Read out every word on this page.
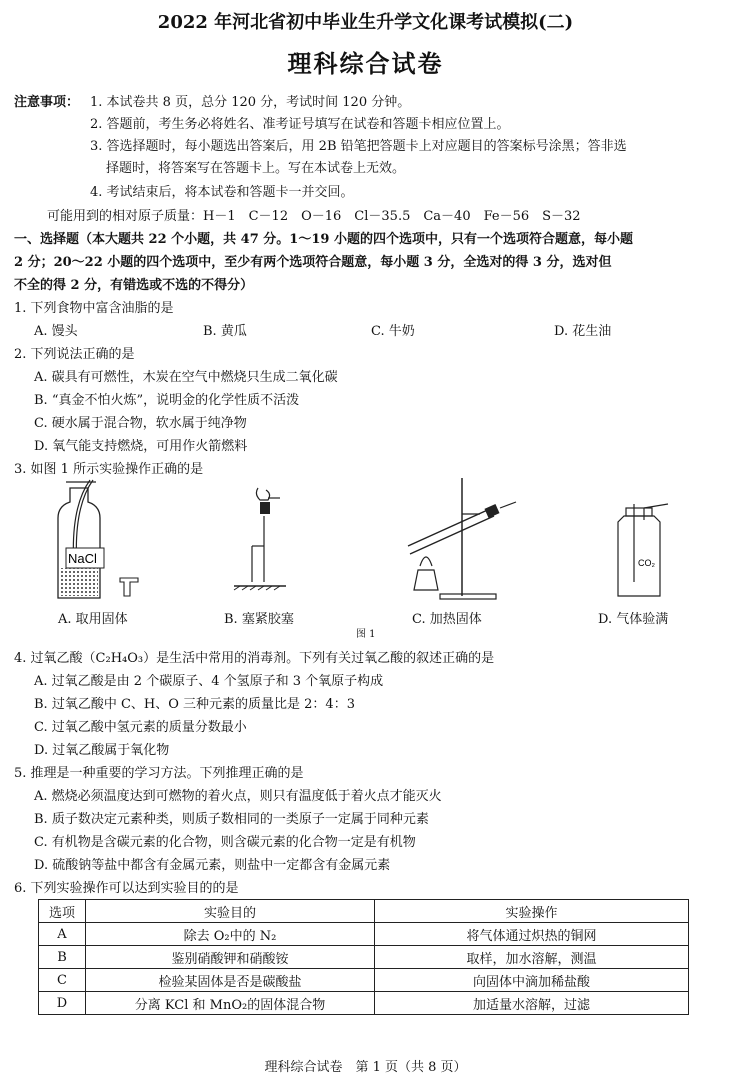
2022 年河北省初中毕业生升学文化课考试模拟(二)
理科综合试卷
注意事项： 1. 本试卷共 8 页，总分 120 分，考试时间 120 分钟。
2. 答题前，考生务必将姓名、准考证号填写在试卷和答题卡相应位置上。
3. 答选择题时，每小题选出答案后，用 2B 铅笔把答题卡上对应题目的答案标号涂黑；答非选
择题时，将答案写在答题卡上。写在本试卷上无效。
4. 考试结束后，将本试卷和答题卡一并交回。
可能用到的相对原子质量：H－1　C－12　O－16　Cl－35.5　Ca－40　Fe－56　S－32
一、选择题（本大题共 22 个小题，共 47 分。1～19 小题的四个选项中，只有一个选项符合题意，每小题
2 分；20～22 小题的四个选项中，至少有两个选项符合题意，每小题 3 分，全选对的得 3 分，选对但
不全的得 2 分，有错选或不选的不得分）
1. 下列食物中富含油脂的是
A. 馒头	B. 黄瓜	C. 牛奶	D. 花生油
2. 下列说法正确的是
A. 碳具有可燃性，木炭在空气中燃烧只生成二氧化碳
B. “真金不怕火炼”，说明金的化学性质不活泼
C. 硬水属于混合物，软水属于纯净物
D. 氧气能支持燃烧，可用作火箭燃料
3. 如图 1 所示实验操作正确的是
NaCl	CO₂
A. 取用固体	B. 塞紧胶塞	C. 加热固体	D. 气体验满
图 1
4. 过氧乙酸（C₂H₄O₃）是生活中常用的消毒剂。下列有关过氧乙酸的叙述正确的是
A. 过氧乙酸是由 2 个碳原子、4 个氢原子和 3 个氧原子构成
B. 过氧乙酸中 C、H、O 三种元素的质量比是 2：4：3
C. 过氧乙酸中氢元素的质量分数最小
D. 过氧乙酸属于氧化物
5. 推理是一种重要的学习方法。下列推理正确的是
A. 燃烧必须温度达到可燃物的着火点，则只有温度低于着火点才能灭火
B. 质子数决定元素种类，则质子数相同的一类原子一定属于同种元素
C. 有机物是含碳元素的化合物，则含碳元素的化合物一定是有机物
D. 硫酸钠等盐中都含有金属元素，则盐中一定都含有金属元素
6. 下列实验操作可以达到实验目的的是
选项	实验目的	实验操作
A	除去 O₂中的 N₂	将气体通过炽热的铜网
B	鉴别硝酸钾和硝酸铵	取样，加水溶解，测温
C	检验某固体是否是碳酸盐	向固体中滴加稀盐酸
D	分离 KCl 和 MnO₂的固体混合物	加适量水溶解，过滤
理科综合试卷　第 1 页（共 8 页）
